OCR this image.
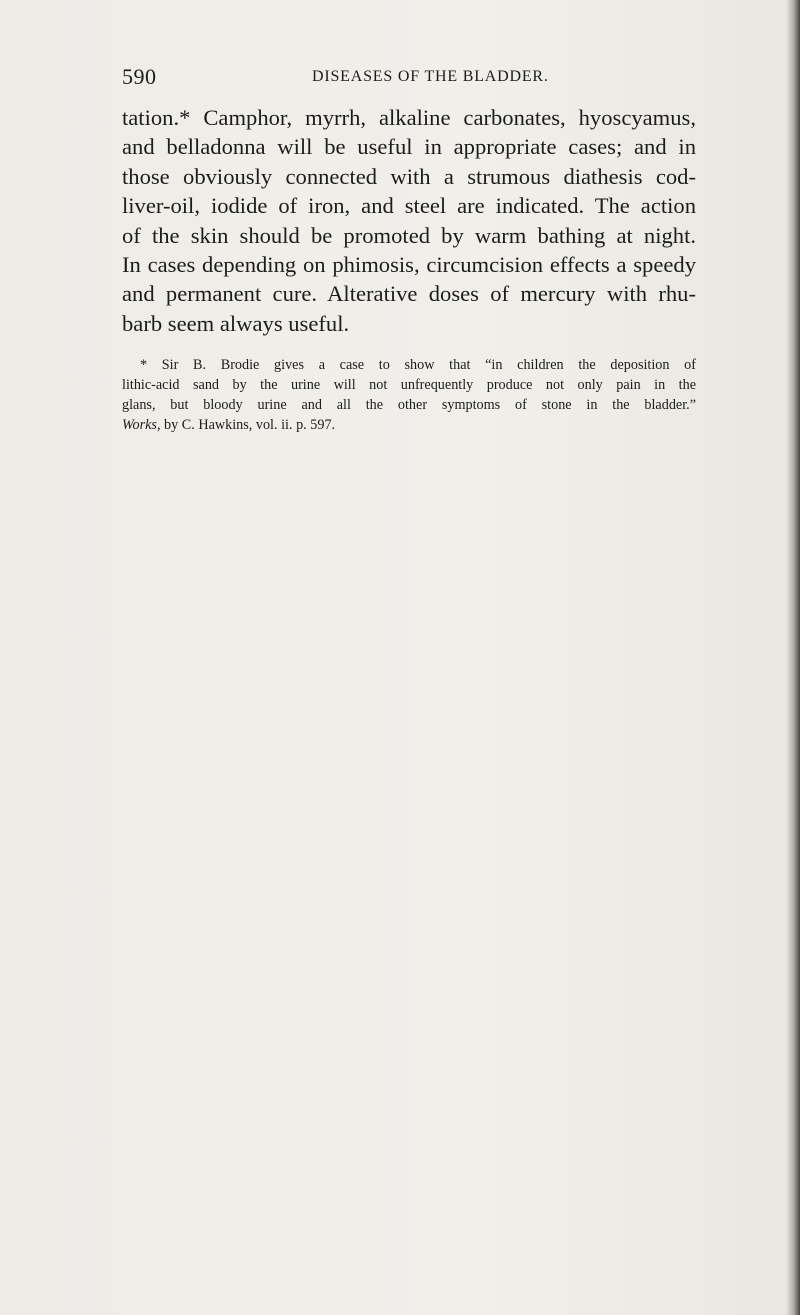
590	DISEASES OF THE BLADDER.

tation.* Camphor, myrrh, alkaline carbonates, hyoscyamus,
and belladonna will be useful in appropriate cases; and in
those obviously connected with a strumous diathesis cod-
liver-oil, iodide of iron, and steel are indicated. The action
of the skin should be promoted by warm bathing at night.
In cases depending on phimosis, circumcision effects a speedy
and permanent cure. Alterative doses of mercury with rhu-
barb seem always useful.

* Sir B. Brodie gives a case to show that “in children the deposition of
lithic-acid sand by the urine will not unfrequently produce not only pain in the
glans, but bloody urine and all the other symptoms of stone in the bladder.”
Works, by C. Hawkins, vol. ii. p. 597.
